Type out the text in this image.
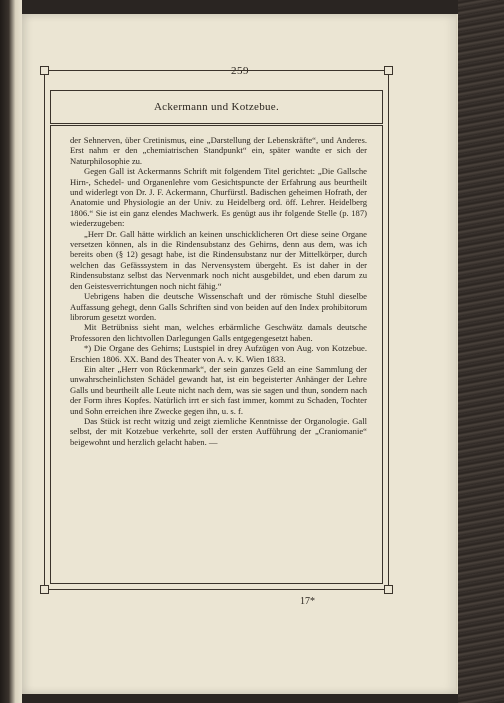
259
Ackermann und Kotzebue.

der Sehnerven, über Cretinismus, eine „Darstellung der Lebenskräfte“, und Anderes. Erst nahm er den „chemiatrischen Standpunkt“ ein, später wandte er sich der Naturphilosophie zu.

Gegen Gall ist Ackermanns Schrift mit folgendem Titel gerichtet: „Die Gallsche Hirn-, Schedel- und Organenlehre vom Gesichtspuncte der Erfahrung aus beurtheilt und widerlegt von Dr. J. F. Ackermann, Churfürstl. Badischen geheimen Hofrath, der Anatomie und Physiologie an der Univ. zu Heidelberg ord. öff. Lehrer. Heidelberg 1806.“ Sie ist ein ganz elendes Machwerk. Es genügt aus ihr folgende Stelle (p. 187) wiederzugeben:

„Herr Dr. Gall hätte wirklich an keinen unschicklicheren Ort diese seine Organe versetzen können, als in die Rindensubstanz des Gehirns, denn aus dem, was ich bereits oben (§ 12) gesagt habe, ist die Rindensubstanz nur der Mittelkörper, durch welchen das Gefässsystem in das Nervensystem übergeht. Es ist daher in der Rindensubstanz selbst das Nervenmark noch nicht ausgebildet, und eben darum zu den Geistesverrichtungen noch nicht fähig.“

Uebrigens haben die deutsche Wissenschaft und der römische Stuhl dieselbe Auffassung gehegt, denn Galls Schriften sind von beiden auf den Index prohibitorum librorum gesetzt worden.

Mit Betrübniss sieht man, welches erbärmliche Geschwätz damals deutsche Professoren den lichtvollen Darlegungen Galls entgegengesetzt haben.

*) Die Organe des Gehirns; Lustspiel in drey Aufzügen von Aug. von Kotzebue. Erschien 1806. XX. Band des Theater von A. v. K. Wien 1833.

Ein alter „Herr von Rückenmark“, der sein ganzes Geld an eine Sammlung der unwahrscheinlichsten Schädel gewandt hat, ist ein begeisterter Anhänger der Lehre Galls und beurtheilt alle Leute nicht nach dem, was sie sagen und thun, sondern nach der Form ihres Kopfes. Natürlich irrt er sich fast immer, kommt zu Schaden, Tochter und Sohn erreichen ihre Zwecke gegen ihn, u. s. f.

Das Stück ist recht witzig und zeigt ziemliche Kenntnisse der Organologie. Gall selbst, der mit Kotzebue verkehrte, soll der ersten Aufführung der „Craniomanie“ beigewohnt und herzlich gelacht haben. —

17*
